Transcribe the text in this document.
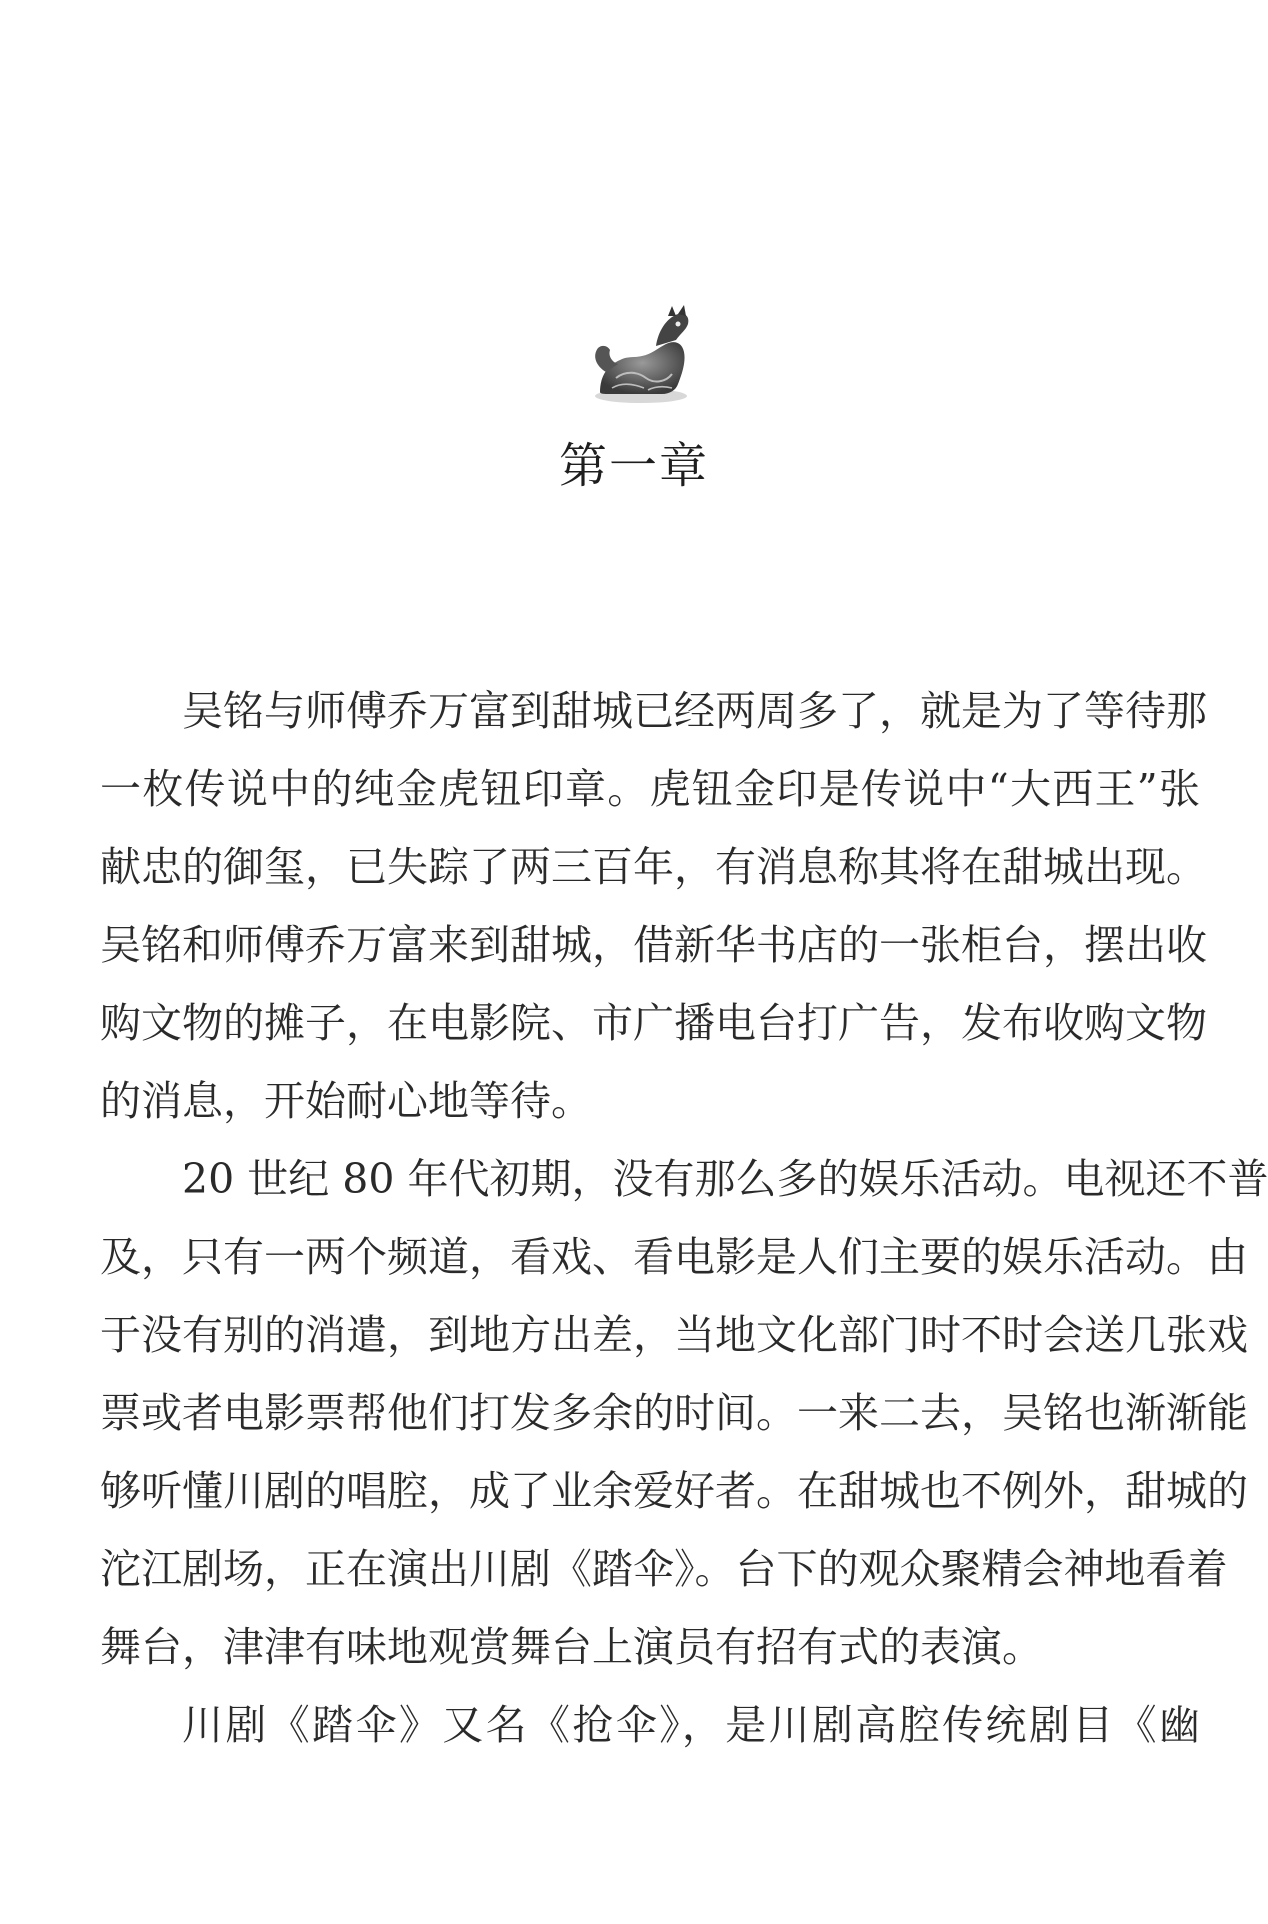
第一章
吴铭与师傅乔万富到甜城已经两周多了，就是为了等待那
一枚传说中的纯金虎钮印章。虎钮金印是传说中“大西王”张
献忠的御玺，已失踪了两三百年，有消息称其将在甜城出现。
吴铭和师傅乔万富来到甜城，借新华书店的一张柜台，摆出收
购文物的摊子，在电影院、市广播电台打广告，发布收购文物
的消息，开始耐心地等待。
20 世纪 80 年代初期，没有那么多的娱乐活动。电视还不普
及，只有一两个频道，看戏、看电影是人们主要的娱乐活动。由
于没有别的消遣，到地方出差，当地文化部门时不时会送几张戏
票或者电影票帮他们打发多余的时间。一来二去，吴铭也渐渐能
够听懂川剧的唱腔，成了业余爱好者。在甜城也不例外，甜城的
沱江剧场，正在演出川剧《踏伞》。台下的观众聚精会神地看着
舞台，津津有味地观赏舞台上演员有招有式的表演。
川剧《踏伞》又名《抢伞》，是川剧高腔传统剧目《幽
